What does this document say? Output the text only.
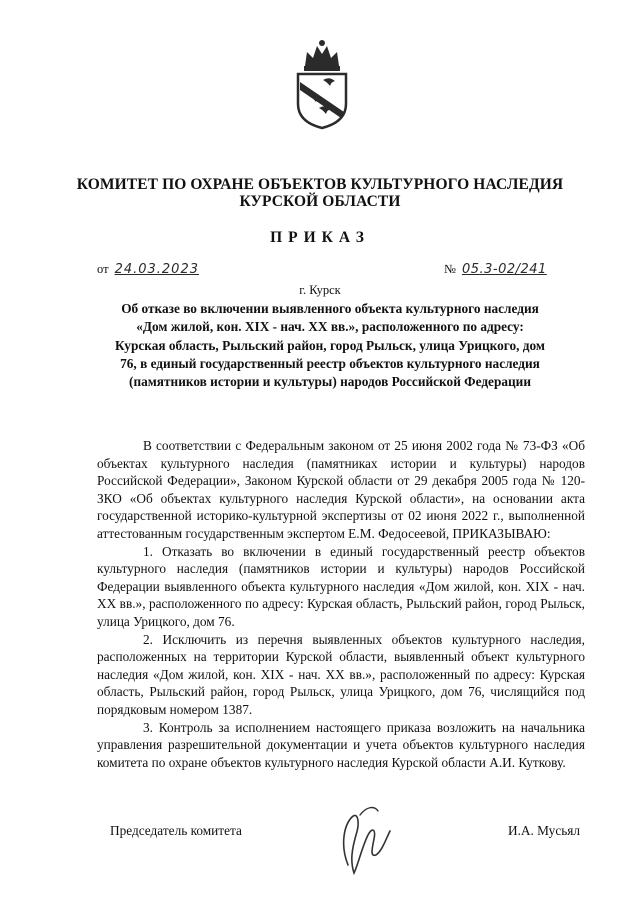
КОМИТЕТ ПО ОХРАНЕ ОБЪЕКТОВ КУЛЬТУРНОГО НАСЛЕДИЯ
КУРСКОЙ ОБЛАСТИ
ПРИКАЗ
от 24.03.2023	№ 05.3-02/241
г. Курск
Об отказе во включении выявленного объекта культурного наследия «Дом жилой, кон. XIX - нач. XX вв.», расположенного по адресу: Курская область, Рыльский район, город Рыльск, улица Урицкого, дом 76, в единый государственный реестр объектов культурного наследия (памятников истории и культуры) народов Российской Федерации

В соответствии с Федеральным законом от 25 июня 2002 года № 73-ФЗ «Об объектах культурного наследия (памятниках истории и культуры) народов Российской Федерации», Законом Курской области от 29 декабря 2005 года № 120-ЗКО «Об объектах культурного наследия Курской области», на основании акта государственной историко-культурной экспертизы от 02 июня 2022 г., выполненной аттестованным государственным экспертом Е.М. Федосеевой, ПРИКАЗЫВАЮ:

1. Отказать во включении в единый государственный реестр объектов культурного наследия (памятников истории и культуры) народов Российской Федерации выявленного объекта культурного наследия «Дом жилой, кон. XIX - нач. XX вв.», расположенного по адресу: Курская область, Рыльский район, город Рыльск, улица Урицкого, дом 76.

2. Исключить из перечня выявленных объектов культурного наследия, расположенных на территории Курской области, выявленный объект культурного наследия «Дом жилой, кон. XIX - нач. XX вв.», расположенный по адресу: Курская область, Рыльский район, город Рыльск, улица Урицкого, дом 76, числящийся под порядковым номером 1387.

3. Контроль за исполнением настоящего приказа возложить на начальника управления разрешительной документации и учета объектов культурного наследия комитета по охране объектов культурного наследия Курской области А.И. Куткову.

Председатель комитета	И.А. Мусьял
